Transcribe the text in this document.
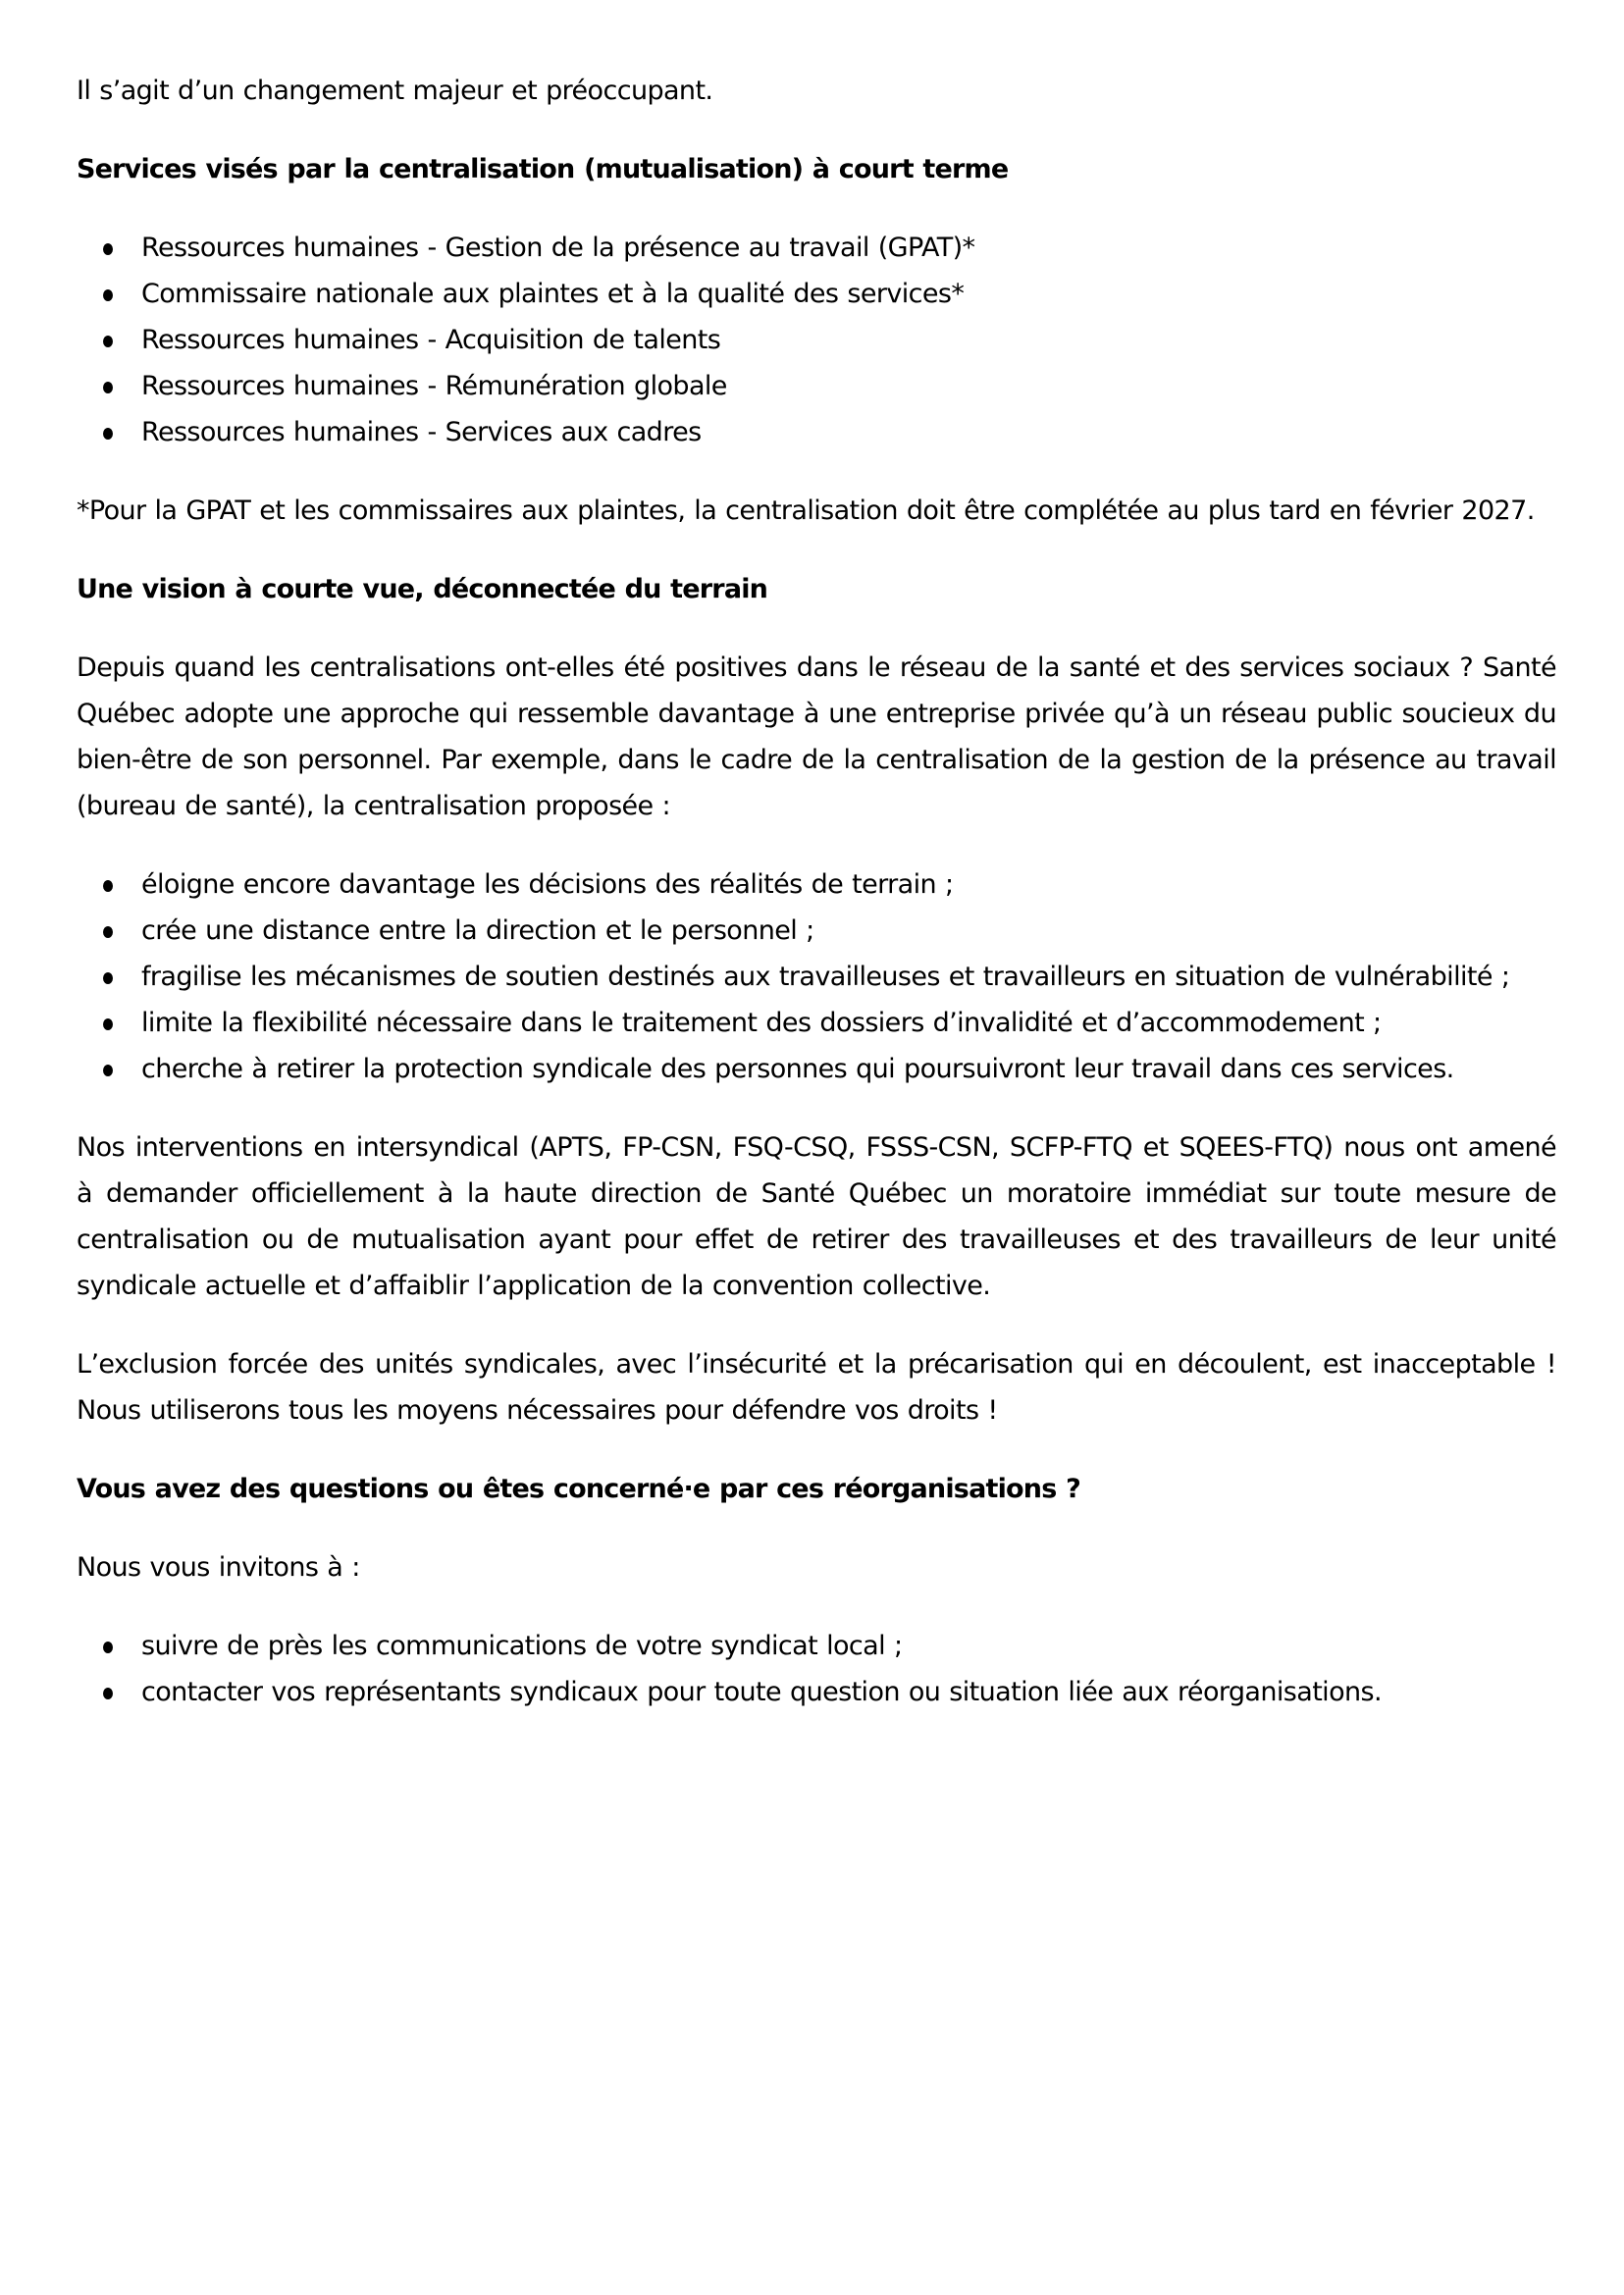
Il s’agit d’un changement majeur et préoccupant.

Services visés par la centralisation (mutualisation) à court terme
Ressources humaines - Gestion de la présence au travail (GPAT)*
Commissaire nationale aux plaintes et à la qualité des services*
Ressources humaines - Acquisition de talents
Ressources humaines - Rémunération globale
Ressources humaines - Services aux cadres

*Pour la GPAT et les commissaires aux plaintes, la centralisation doit être complétée au plus tard en février 2027.

Une vision à courte vue, déconnectée du terrain

Depuis quand les centralisations ont-elles été positives dans le réseau de la santé et des services sociaux ? Santé Québec adopte une approche qui ressemble davantage à une entreprise privée qu’à un réseau public soucieux du bien-être de son personnel. Par exemple, dans le cadre de la centralisation de la gestion de la présence au travail (bureau de santé), la centralisation proposée :

éloigne encore davantage les décisions des réalités de terrain ;
crée une distance entre la direction et le personnel ;
fragilise les mécanismes de soutien destinés aux travailleuses et travailleurs en situation de vulnérabilité ;
limite la flexibilité nécessaire dans le traitement des dossiers d’invalidité et d’accommodement ;
cherche à retirer la protection syndicale des personnes qui poursuivront leur travail dans ces services.

Nos interventions en intersyndical (APTS, FP-CSN, FSQ-CSQ, FSSS-CSN, SCFP-FTQ et SQEES-FTQ) nous ont amené à demander officiellement à la haute direction de Santé Québec un moratoire immédiat sur toute mesure de centralisation ou de mutualisation ayant pour effet de retirer des travailleuses et des travailleurs de leur unité syndicale actuelle et d’affaiblir l’application de la convention collective.

L’exclusion forcée des unités syndicales, avec l’insécurité et la précarisation qui en découlent, est inacceptable ! Nous utiliserons tous les moyens nécessaires pour défendre vos droits !

Vous avez des questions ou êtes concerné·e par ces réorganisations ?

Nous vous invitons à :

suivre de près les communications de votre syndicat local ;
contacter vos représentants syndicaux pour toute question ou situation liée aux réorganisations.
